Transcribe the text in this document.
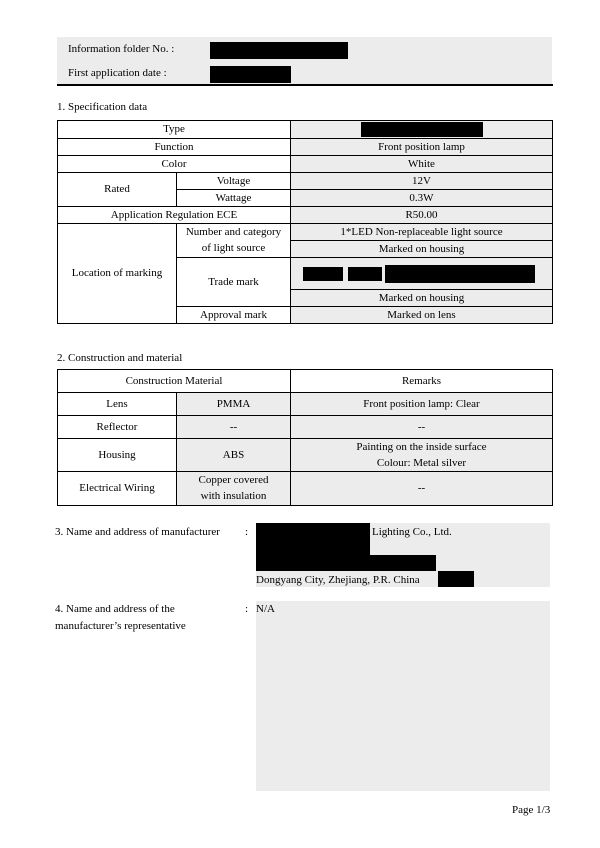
Information folder No. :
First application date :
1. Specification data
Type		
Function		Front position lamp
Color		White
Rated	Voltage	12V
	Wattage	0.3W
Application Regulation ECE		R50.00
Location of marking	Number and category
of light source	1*LED Non-replaceable light source
		Marked on housing
	Trade mark	
		Marked on housing

	Approval mark	Marked on lens
2. Construction and material
Construction Material		Remarks
Lens	PMMA	Front position lamp: Clear
Reflector	--	--
Housing	ABS	Painting on the inside surface
Colour: Metal silver

Electrical Wiring	Copper covered
with insulation	--
3. Name and address of manufacturer :	Lighting Co., Ltd.
Dongyang City, Zhejiang, P.R. China
4. Name and address of the
manufacturer’s representative
: N/A
Page 1/3
